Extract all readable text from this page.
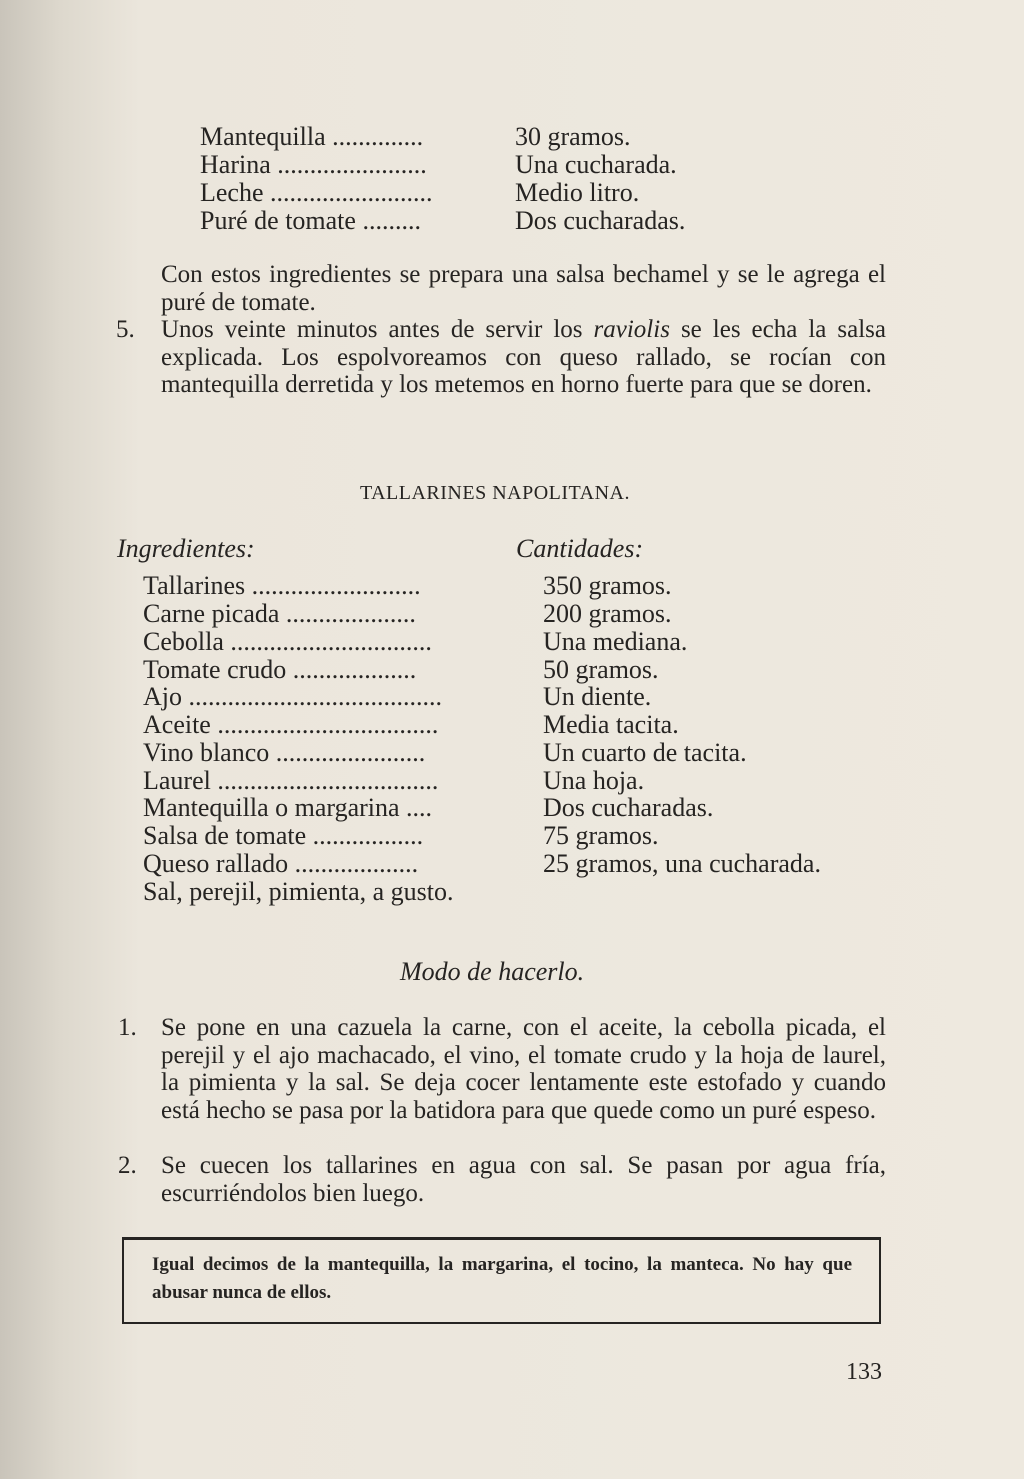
Mantequilla ..............	30 gramos.
Harina .......................	Una cucharada.
Leche .........................	Medio litro.
Puré de tomate .........	Dos cucharadas.
Con estos ingredientes se prepara una salsa bechamel y se le agrega el puré de tomate.
5. Unos veinte minutos antes de servir los raviolis se les echa la salsa explicada. Los espolvoreamos con queso rallado, se rocían con mantequilla derretida y los metemos en horno fuerte para que se doren.
TALLARINES NAPOLITANA.
Ingredientes:	Cantidades:
Tallarines ..........................	350 gramos.
Carne picada ....................	200 gramos.
Cebolla ...............................	Una mediana.
Tomate crudo ...................	50 gramos.
Ajo .......................................	Un diente.
Aceite ..................................	Media tacita.
Vino blanco .......................	Un cuarto de tacita.
Laurel ..................................	Una hoja.
Mantequilla o margarina ....	Dos cucharadas.
Salsa de tomate .................	75 gramos.
Queso rallado ...................	25 gramos, una cucharada.
Sal, perejil, pimienta, a gusto.
Modo de hacerlo.
1. Se pone en una cazuela la carne, con el aceite, la cebolla picada, el perejil y el ajo machacado, el vino, el tomate crudo y la hoja de laurel, la pimienta y la sal. Se deja cocer lentamente este estofado y cuando está hecho se pasa por la batidora para que quede como un puré espeso.
2. Se cuecen los tallarines en agua con sal. Se pasan por agua fría, escurriéndolos bien luego.
Igual decimos de la mantequilla, la margarina, el tocino, la manteca. No hay que abusar nunca de ellos.
133
